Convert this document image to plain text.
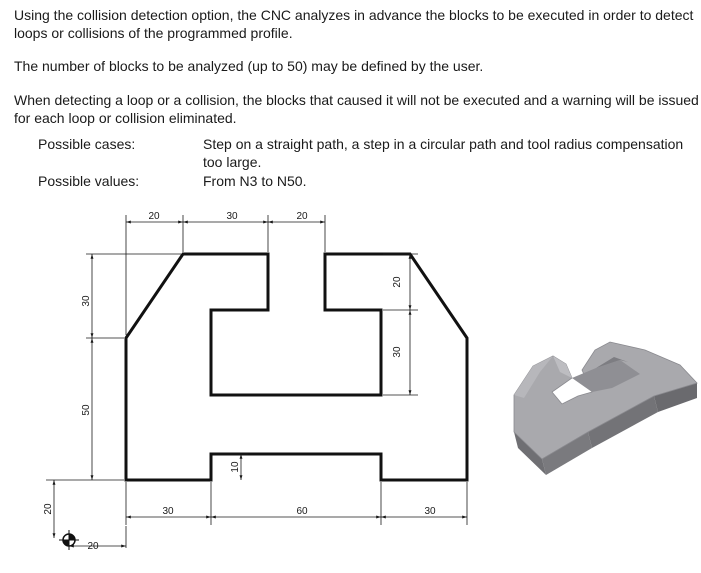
Using the collision detection option, the CNC analyzes in advance the blocks to be executed in order to detect loops or collisions of the programmed profile.

The number of blocks to be analyzed (up to 50) may be defined by the user.

When detecting a loop or a collision, the blocks that caused it will not be executed and a warning will be issued for each loop or collision eliminated.

Possible cases:	Step on a straight path, a step in a circular path and tool radius compensation too large.
Possible values:	From N3 to N50.
20	30	20
30
50
20
20
30	60	30
10
20
30
